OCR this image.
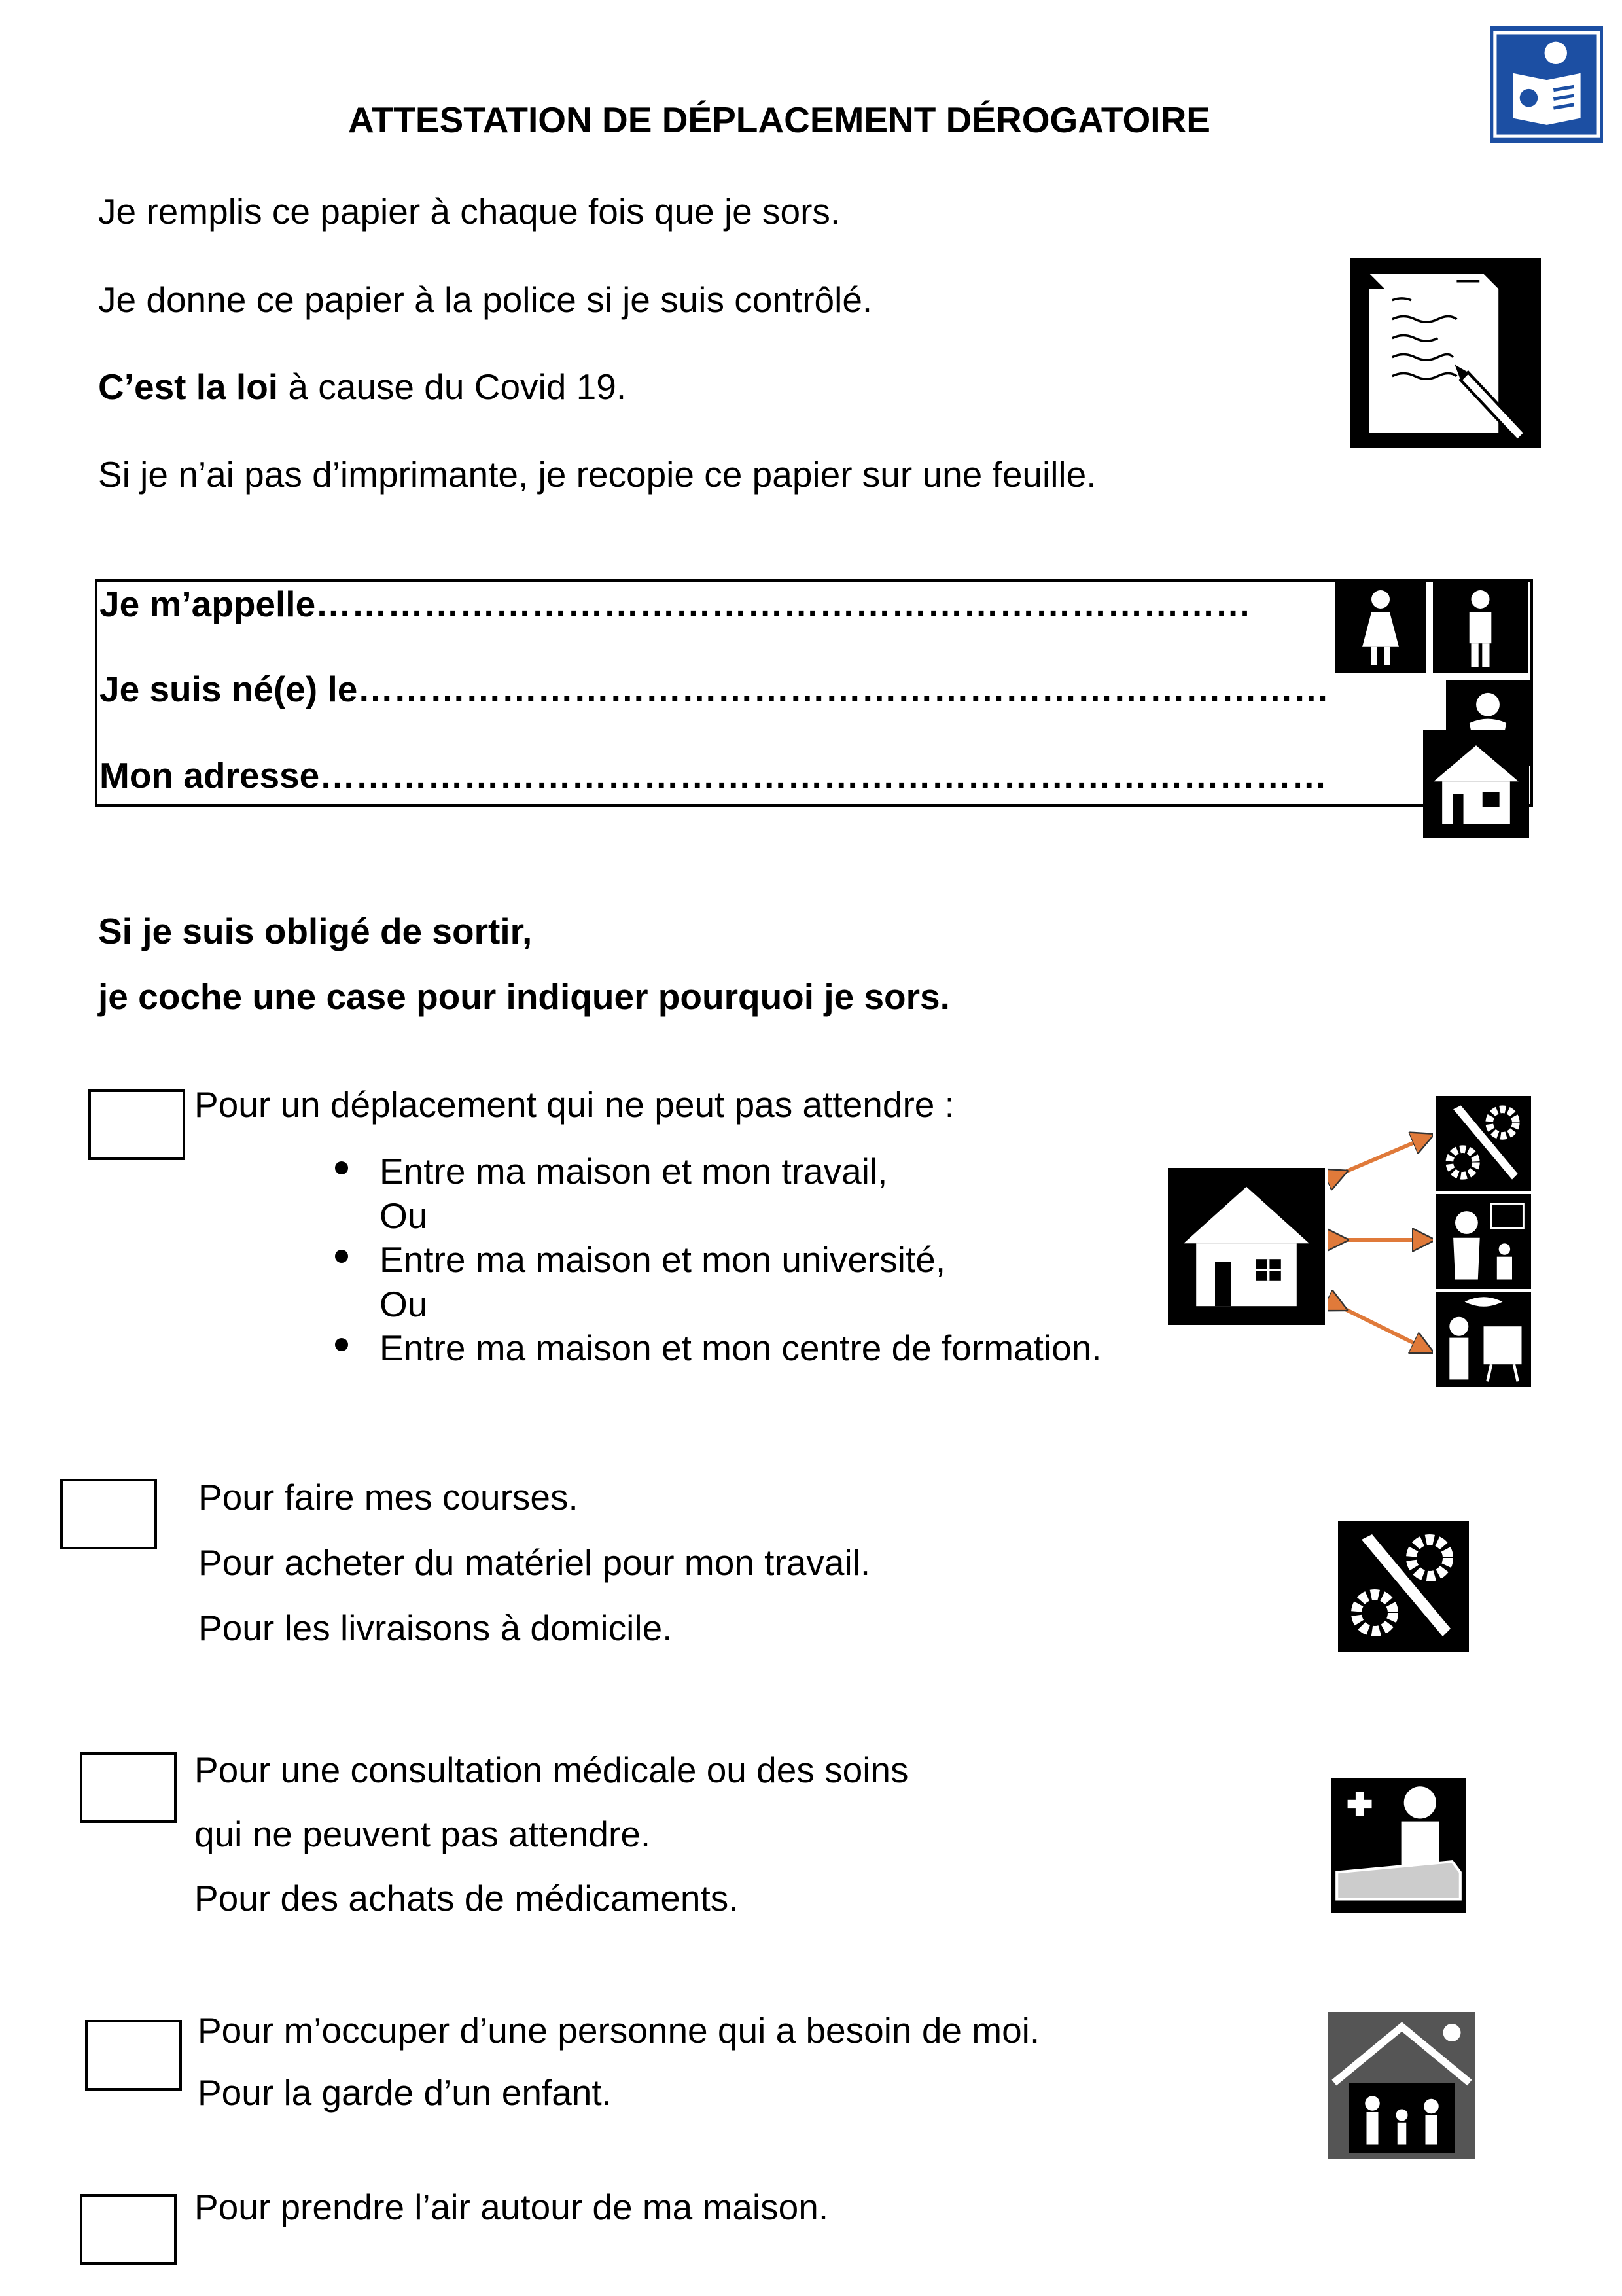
ATTESTATION DE DÉPLACEMENT DÉROGATOIRE
Je remplis ce papier à chaque fois que je sors.
Je donne ce papier à la police si je suis contrôlé.
C’est la loi à cause du Covid 19.
Si je n’ai pas d’imprimante, je recopie ce papier sur une feuille.
Je m’appelle……………………………………………………………………
Je suis né(e) le………………………………………………………………………
Mon adresse…………………………………………………………………………
Si je suis obligé de sortir,
je coche une case pour indiquer pourquoi je sors.
Pour un déplacement qui ne peut pas attendre :
Entre ma maison et mon travail,
Ou
Entre ma maison et mon université,
Ou
Entre ma maison et mon centre de formation.
Pour faire mes courses.
Pour acheter du matériel pour mon travail.
Pour les livraisons à domicile.
Pour une consultation médicale ou des soins
qui ne peuvent pas attendre.
Pour des achats de médicaments.
Pour m’occuper d’une personne qui a besoin de moi.
Pour la garde d’un enfant.
Pour prendre l’air autour de ma maison.
